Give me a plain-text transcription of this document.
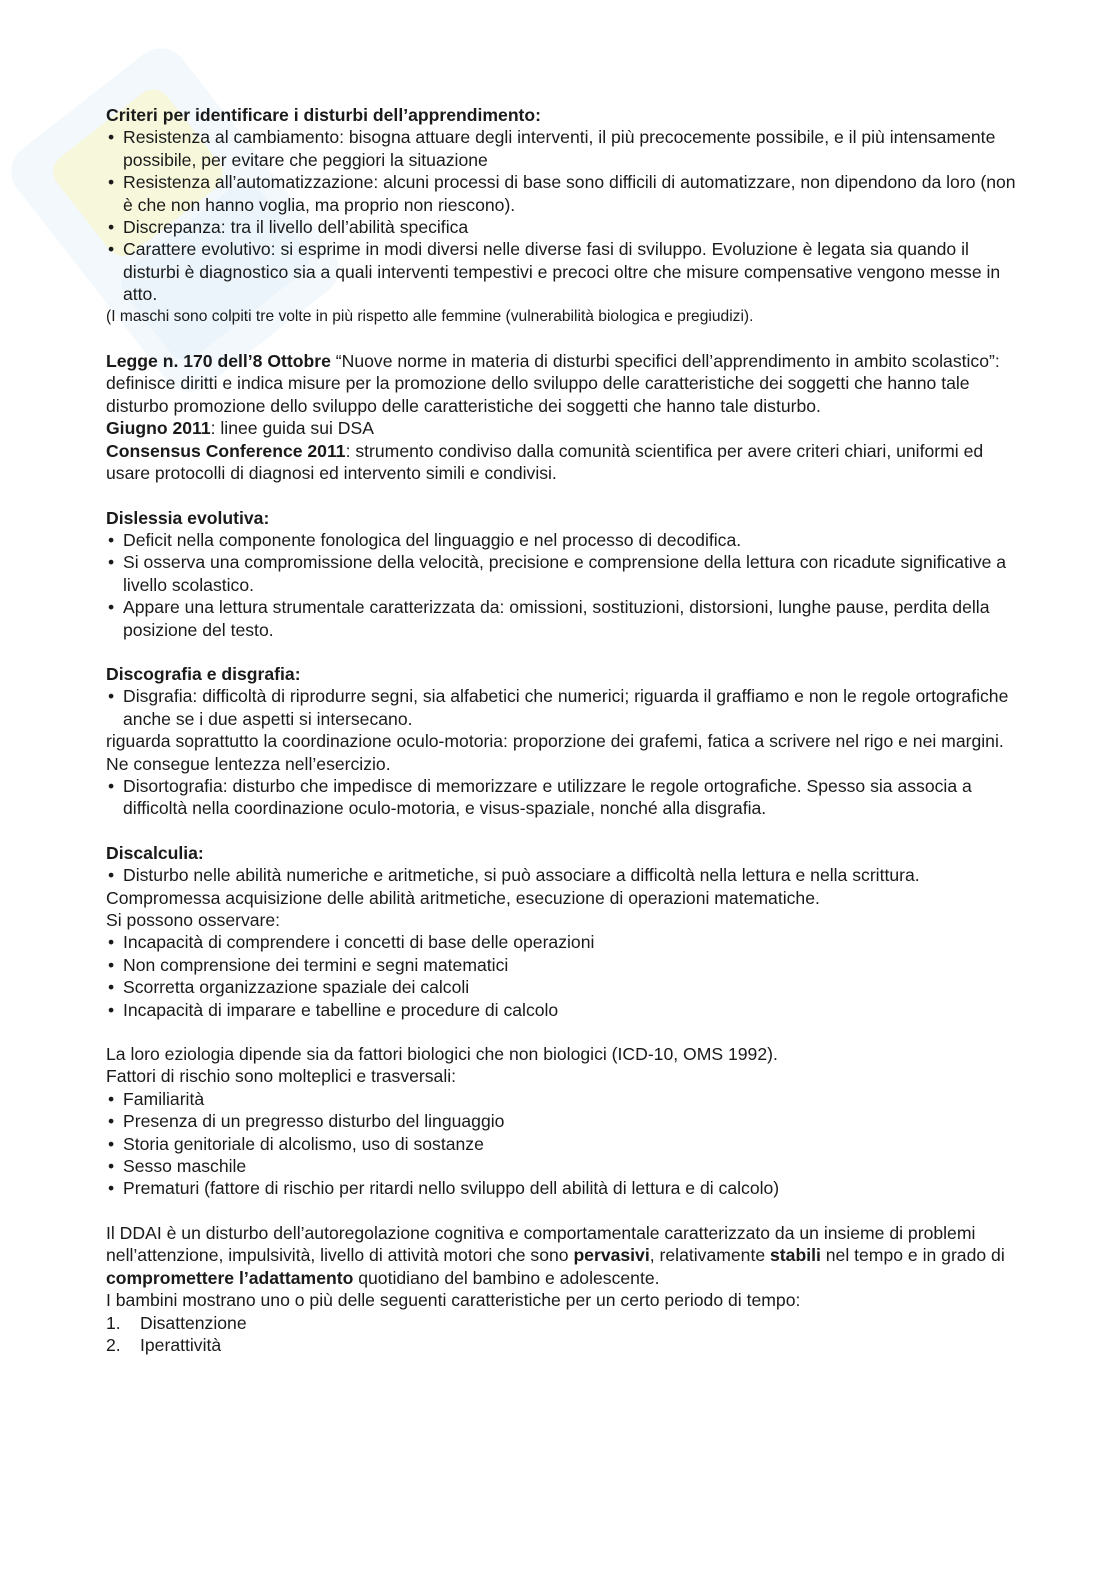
Criteri per identificare i disturbi dell’apprendimento:

• Resistenza al cambiamento: bisogna attuare degli interventi, il più precocemente possibile, e il più intensamente possibile, per evitare che peggiori la situazione
• Resistenza all’automatizzazione: alcuni processi di base sono difficili di automatizzare, non dipendono da loro (non è che non hanno voglia, ma proprio non riescono).
• Discrepanza: tra il livello dell’abilità specifica
• Carattere evolutivo: si esprime in modi diversi nelle diverse fasi di sviluppo. Evoluzione è legata sia quando il disturbi è diagnostico sia a quali interventi tempestivi e precoci oltre che misure compensative vengono messe in atto.

(I maschi sono colpiti tre volte in più rispetto alle femmine (vulnerabilità biologica e pregiudizi).

Legge n. 170 dell’8 Ottobre “Nuove norme in materia di disturbi specifici dell’apprendimento in ambito scolastico”: definisce diritti e indica misure per la promozione dello sviluppo delle caratteristiche dei soggetti che hanno tale disturbo promozione dello sviluppo delle caratteristiche dei soggetti che hanno tale disturbo.

Giugno 2011: linee guida sui DSA

Consensus Conference 2011: strumento condiviso dalla comunità scientifica per avere criteri chiari, uniformi ed usare protocolli di diagnosi ed intervento simili e condivisi.

Dislessia evolutiva:

• Deficit nella componente fonologica del linguaggio e nel processo di decodifica.
• Si osserva una compromissione della velocità, precisione e comprensione della lettura con ricadute significative a livello scolastico.
• Appare una lettura strumentale caratterizzata da: omissioni, sostituzioni, distorsioni, lunghe pause, perdita della posizione del testo.

Discografia e disgrafia:

• Disgrafia: difficoltà di riprodurre segni, sia alfabetici che numerici; riguarda il graffiamo e non le regole ortografiche anche se i due aspetti si intersecano.

riguarda soprattutto la coordinazione oculo-motoria: proporzione dei grafemi, fatica a scrivere nel rigo e nei margini. Ne consegue lentezza nell’esercizio.

• Disortografia: disturbo che impedisce di memorizzare e utilizzare le regole ortografiche. Spesso sia associa a difficoltà nella coordinazione oculo-motoria, e visus-spaziale, nonché alla disgrafia.

Discalculia:

• Disturbo nelle abilità numeriche e aritmetiche, si può associare a difficoltà nella lettura e nella scrittura.

Compromessa acquisizione delle abilità aritmetiche, esecuzione di operazioni matematiche.

Si possono osservare:

• Incapacità di comprendere i concetti di base delle operazioni
• Non comprensione dei termini e segni matematici
• Scorretta organizzazione spaziale dei calcoli
• Incapacità di imparare e tabelline e procedure di calcolo

La loro eziologia dipende sia da fattori biologici che non biologici (ICD-10, OMS 1992).

Fattori di rischio sono molteplici e trasversali:

• Familiarità
• Presenza di un pregresso disturbo del linguaggio
• Storia genitoriale di alcolismo, uso di sostanze
• Sesso maschile
• Prematuri (fattore di rischio per ritardi nello sviluppo dell abilità di lettura e di calcolo)

Il DDAI è un disturbo dell’autoregolazione cognitiva e comportamentale caratterizzato da un insieme di problemi nell’attenzione, impulsività, livello di attività motori che sono pervasivi, relativamente stabili nel tempo e in grado di compromettere l’adattamento quotidiano del bambino e adolescente.

I bambini mostrano uno o più delle seguenti caratteristiche per un certo periodo di tempo:

1. Disattenzione
2. Iperattività
